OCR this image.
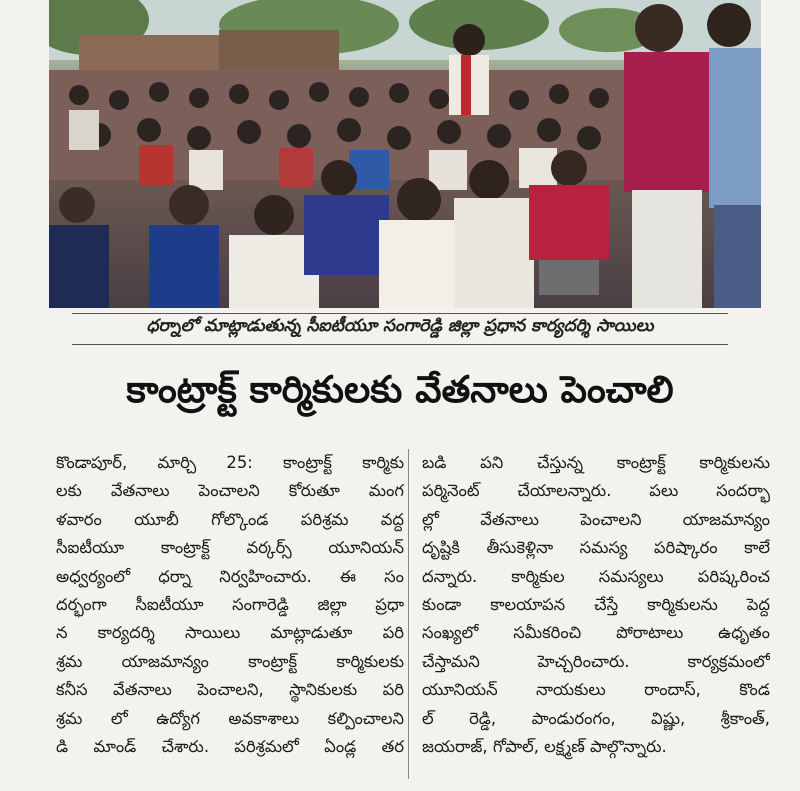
ధర్నాలో మాట్లాడుతున్న సీఐటీయూ సంగారెడ్డి జిల్లా ప్రధాన కార్యదర్శి సాయిలు
కాంట్రాక్ట్ కార్మికులకు వేతనాలు పెంచాలి
కొండాపూర్, మార్చి 25: కాంట్రాక్ట్ కార్మికు
లకు వేతనాలు పెంచాలని కోరుతూ మంగ
ళవారం యూబీ గోల్కొండ పరిశ్రమ వద్ద
సీఐటీయూ కాంట్రాక్ట్ వర్కర్స్ యూనియన్
అధ్వర్యంలో ధర్నా నిర్వహించారు. ఈ సం
దర్భంగా సీఐటీయూ సంగారెడ్డి జిల్లా ప్రధా
న కార్యదర్శి సాయిలు మాట్లాడుతూ పరి
శ్రమ యాజమాన్యం కాంట్రాక్ట్ కార్మికులకు
కనీస వేతనాలు పెంచాలని, స్థానికులకు పరి
శ్రమ లో ఉద్యోగ అవకాశాలు కల్పించాలని
డి మాండ్ చేశారు. పరిశ్రమలో ఏండ్ల తర
బడి పని చేస్తున్న కాంట్రాక్ట్ కార్మికులను
పర్మినెంట్ చేయాలన్నారు. పలు సందర్భా
ల్లో వేతనాలు పెంచాలని యాజమాన్యం
దృష్టికి తీసుకెళ్లినా సమస్య పరిష్కారం కాలే
దన్నారు. కార్మికుల సమస్యలు పరిష్కరించ
కుండా కాలయాపన చేస్తే కార్మికులను పెద్ద
సంఖ్యలో సమీకరించి పోరాటాలు ఉధృతం
చేస్తామని హెచ్చరించారు. కార్యక్రమంలో
యూనియన్ నాయకులు రాందాస్, కొండ
ల్ రెడ్డి, పాండురంగం, విష్ణు, శ్రీకాంత్,
జయరాజ్, గోపాల్, లక్ష్మణ్ పాల్గొన్నారు.
